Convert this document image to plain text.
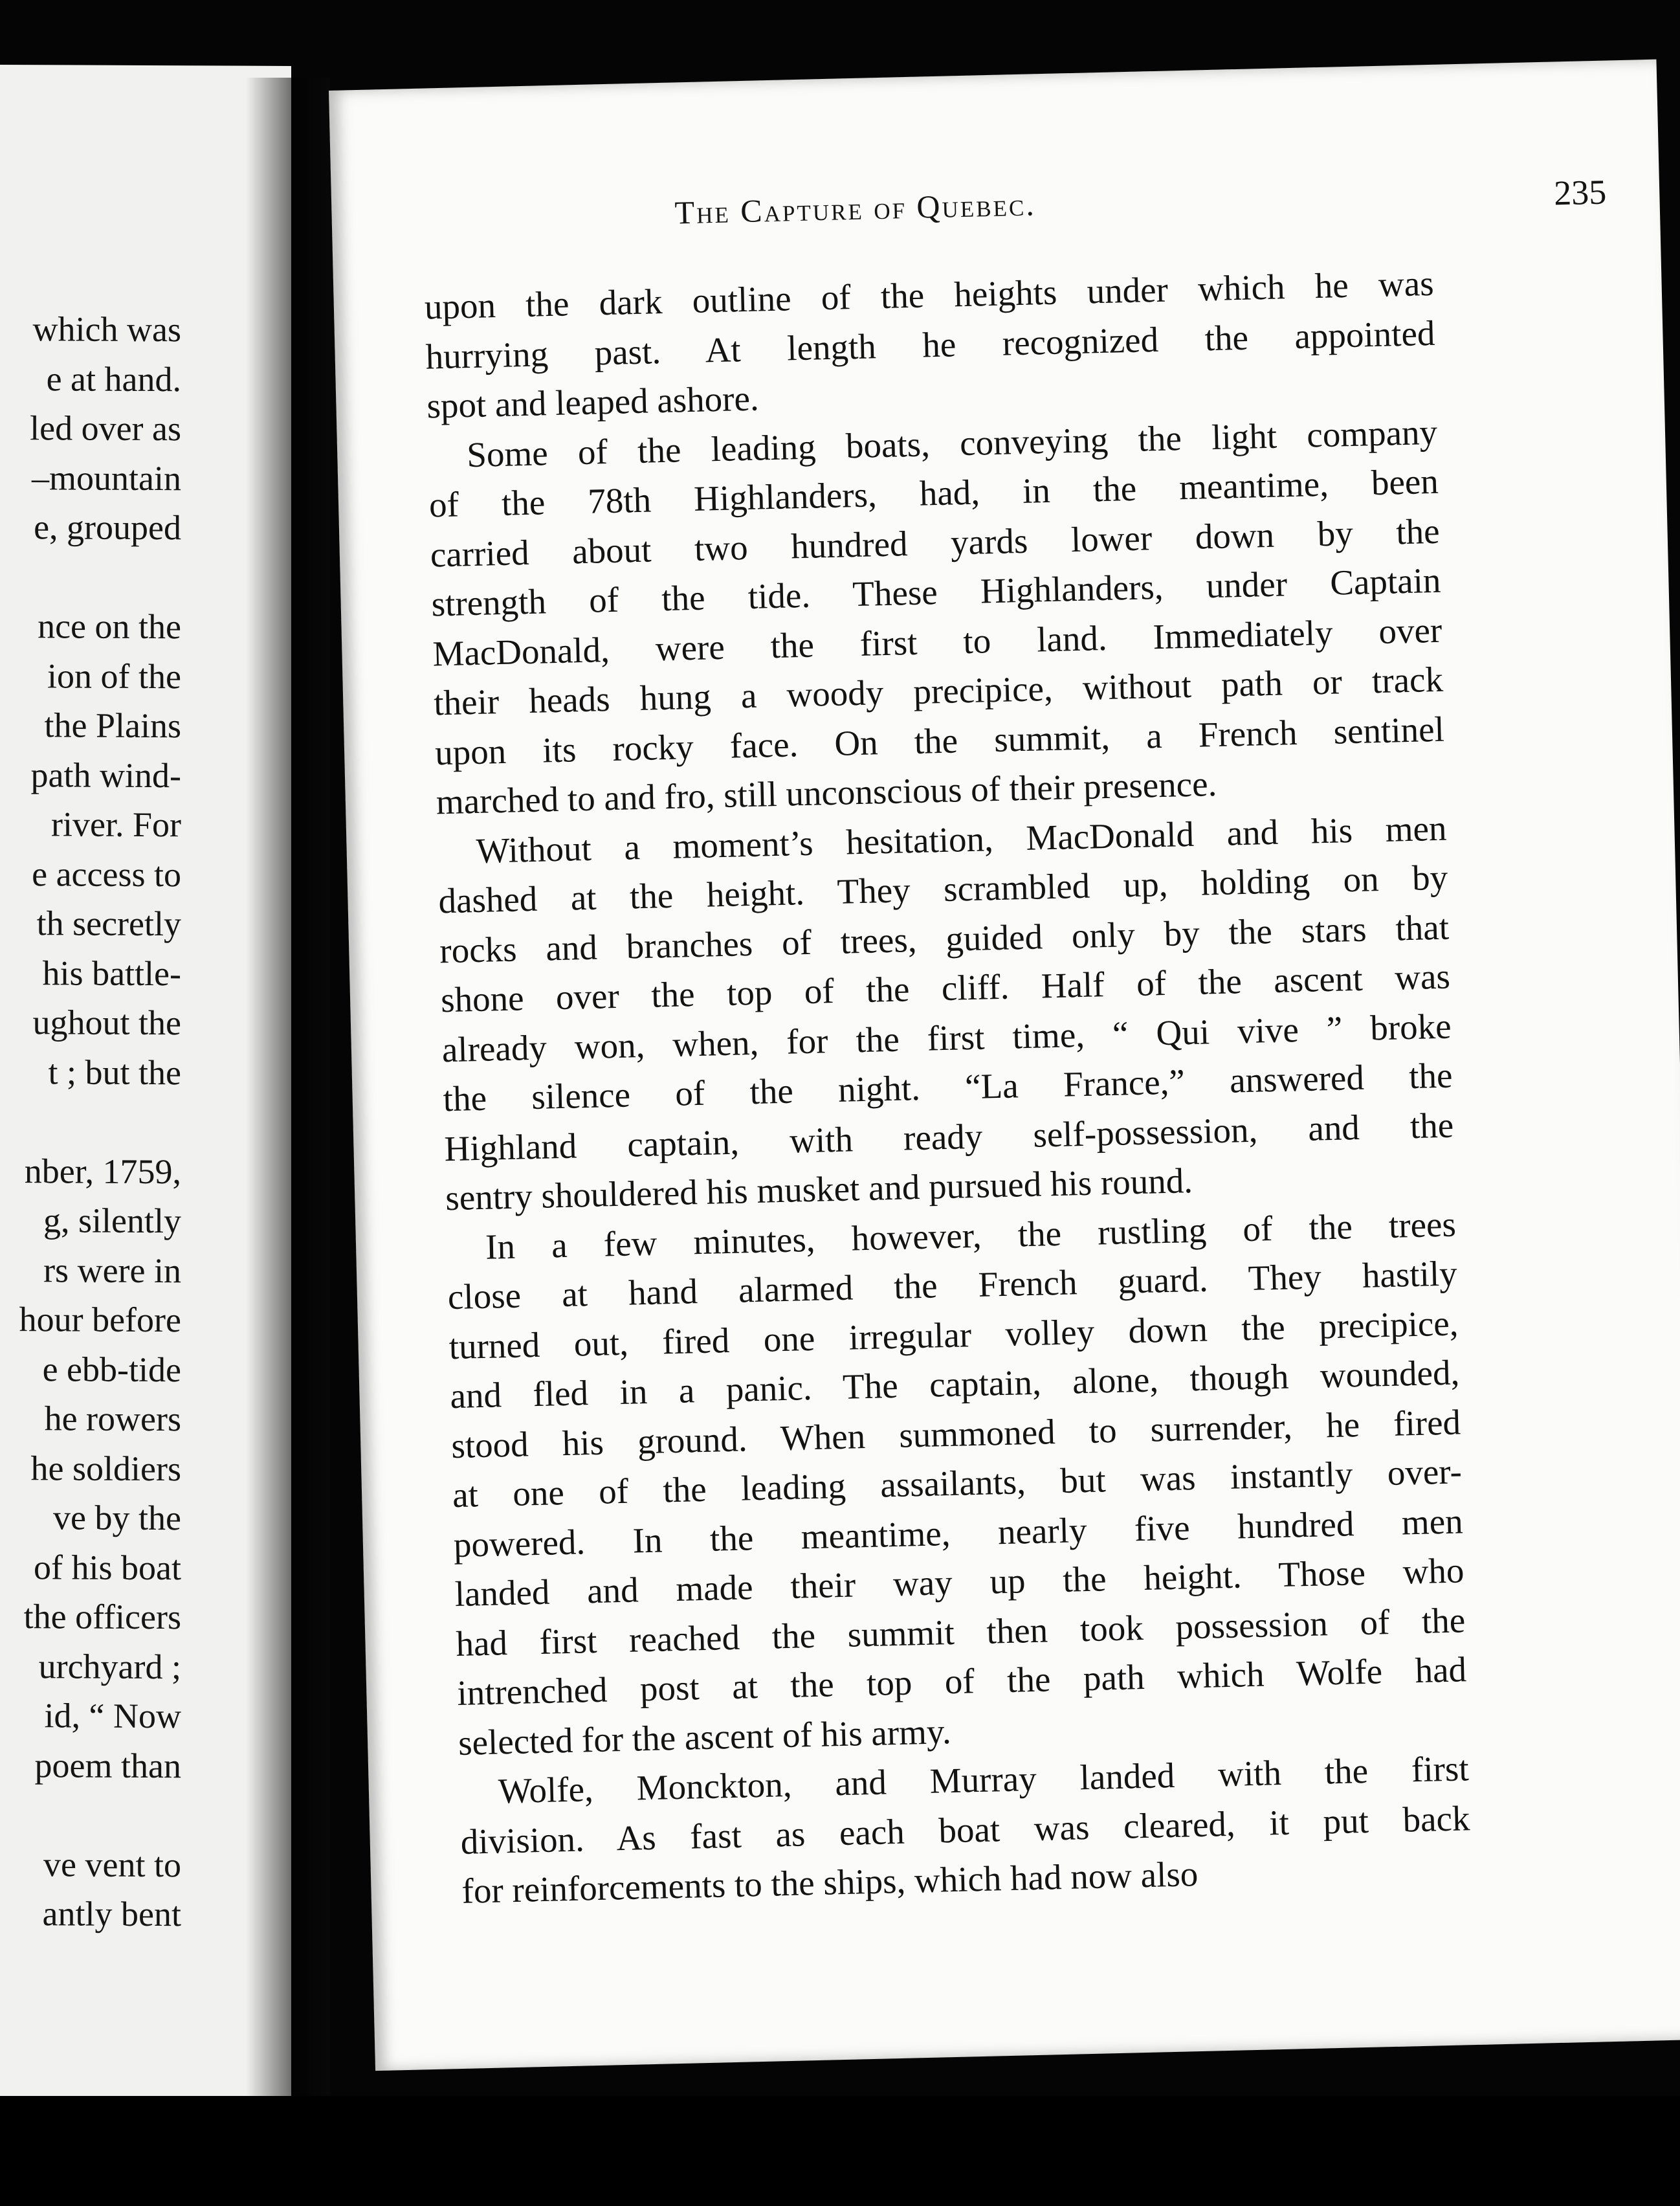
which was
e at hand.
led over as
–mountain
e, grouped
nce on the
ion of the
the Plains
path wind-
river. For
e access to
th secretly
his battle-
ughout the
t ; but the
nber, 1759,
g, silently
rs were in
hour before
e ebb-tide
he rowers
he soldiers
ve by the
of his boat
the officers
urchyard ;
id, “ Now
poem than
ve vent to
antly bent
The Capture of Quebec.	235
upon the dark outline of the heights under which he was
hurrying past. At length he recognized the appointed
spot and leaped ashore.
Some of the leading boats, conveying the light company
of the 78th Highlanders, had, in the meantime, been
carried about two hundred yards lower down by the
strength of the tide. These Highlanders, under Captain
MacDonald, were the first to land. Immediately over
their heads hung a woody precipice, without path or track
upon its rocky face. On the summit, a French sentinel
marched to and fro, still unconscious of their presence.
Without a moment’s hesitation, MacDonald and his men
dashed at the height. They scrambled up, holding on by
rocks and branches of trees, guided only by the stars that
shone over the top of the cliff. Half of the ascent was
already won, when, for the first time, “ Qui vive ” broke
the silence of the night. “La France,” answered the
Highland captain, with ready self-possession, and the
sentry shouldered his musket and pursued his round.
In a few minutes, however, the rustling of the trees
close at hand alarmed the French guard. They hastily
turned out, fired one irregular volley down the precipice,
and fled in a panic. The captain, alone, though wounded,
stood his ground. When summoned to surrender, he fired
at one of the leading assailants, but was instantly over-
powered. In the meantime, nearly five hundred men
landed and made their way up the height. Those who
had first reached the summit then took possession of the
intrenched post at the top of the path which Wolfe had
selected for the ascent of his army.
Wolfe, Monckton, and Murray landed with the first
division. As fast as each boat was cleared, it put back
for reinforcements to the ships, which had now also
